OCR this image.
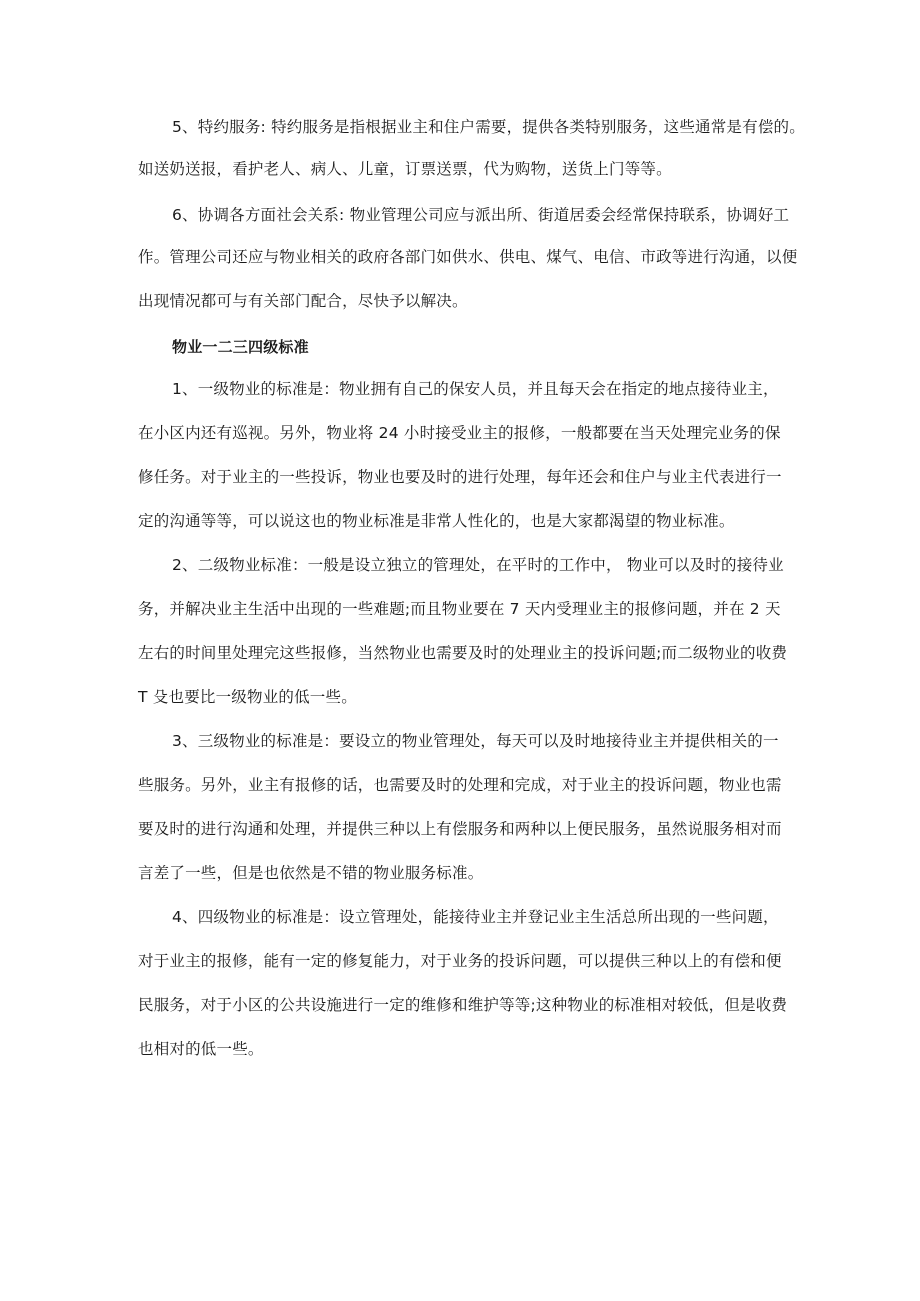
5、特约服务: 特约服务是指根据业主和住户需要，提供各类特别服务，这些通常是有偿的。
如送奶送报，看护老人、病人、儿童，订票送票，代为购物，送货上门等等。
6、协调各方面社会关系: 物业管理公司应与派出所、街道居委会经常保持联系，协调好工
作。管理公司还应与物业相关的政府各部门如供水、供电、煤气、电信、市政等进行沟通，以便
出现情况都可与有关部门配合，尽快予以解决。
物业一二三四级标准
1、一级物业的标准是：物业拥有自己的保安人员，并且每天会在指定的地点接待业主，
在小区内还有巡视。另外，物业将 24 小时接受业主的报修，一般都要在当天处理完业务的保
修任务。对于业主的一些投诉，物业也要及时的进行处理，每年还会和住户与业主代表进行一
定的沟通等等，可以说这也的物业标准是非常人性化的，也是大家都渴望的物业标准。
2、二级物业标准：一般是设立独立的管理处，在平时的工作中， 物业可以及时的接待业
务，并解决业主生活中出现的一些难题;而且物业要在 7 天内受理业主的报修问题，并在 2 天
左右的时间里处理完这些报修，当然物业也需要及时的处理业主的投诉问题;而二级物业的收费
T 殳也要比一级物业的低一些。
3、三级物业的标准是：要设立的物业管理处，每天可以及时地接待业主并提供相关的一
些服务。另外，业主有报修的话，也需要及时的处理和完成，对于业主的投诉问题，物业也需
要及时的进行沟通和处理，并提供三种以上有偿服务和两种以上便民服务，虽然说服务相对而
言差了一些，但是也依然是不错的物业服务标准。
4、四级物业的标准是：设立管理处，能接待业主并登记业主生活总所出现的一些问题，
对于业主的报修，能有一定的修复能力，对于业务的投诉问题，可以提供三种以上的有偿和便
民服务，对于小区的公共设施进行一定的维修和维护等等;这种物业的标准相对较低，但是收费
也相对的低一些。
